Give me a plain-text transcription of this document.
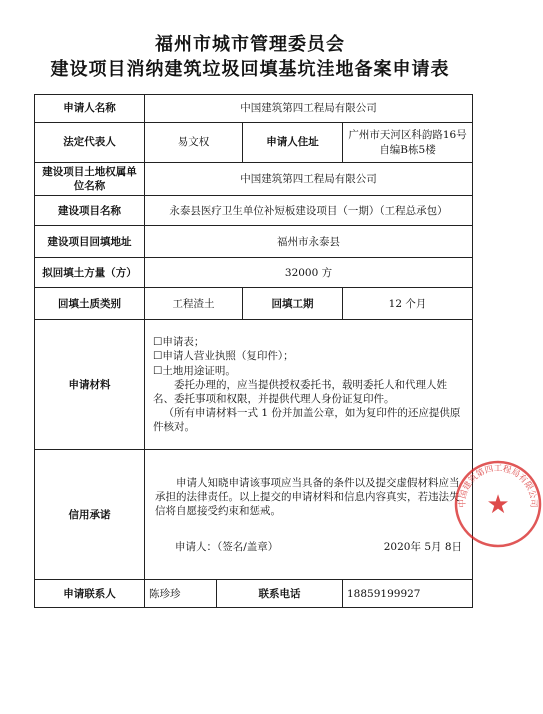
福州市城市管理委员会
建设项目消纳建筑垃圾回填基坑洼地备案申请表
申请人名称	中国建筑第四工程局有限公司			
法定代表人	易文权		申请人住址	广州市天河区科韵路16号自编B栋5楼
建设项目土地权属单位名称	中国建筑第四工程局有限公司			
建设项目名称	永泰县医疗卫生单位补短板建设项目（一期）（工程总承包）			
建设项目回填地址	福州市永泰县			
拟回填土方量（方）	32000 方			
回填土质类别	工程渣土		回填工期	12 个月
申请材料	☐申请表；
☐申请人营业执照（复印件）；
☐土地用途证明。
委托办理的，应当提供授权委托书，载明委托人和代理人姓名、委托事项和权限，并提供代理人身份证复印件。
（所有申请材料一式 1 份并加盖公章，如为复印件的还应提供原件核对。			

信用承诺	申请人知晓申请该事项应当具备的条件以及提交虚假材料应当承担的法律责任。以上提交的申请材料和信息内容真实，若违法失信将自愿接受约束和惩戒。

申请人：（签名/盖章） 2020年 5月 8日
中国建筑第四工程局有限公司
★			

申请联系人	陈珍珍	联系电话		18859199927
